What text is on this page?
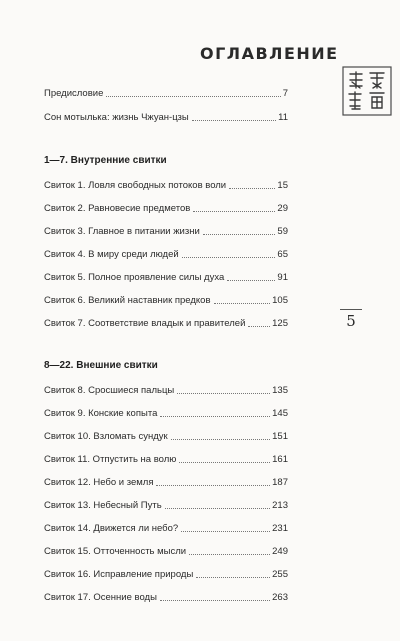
ОГЛАВЛЕНИЕ
Предисловие	7
Сон мотылька: жизнь Чжуан-цзы	11
1—7. Внутренние свитки
Свиток 1. Ловля свободных потоков воли	15
Свиток 2. Равновесие предметов	29
Свиток 3. Главное в питании жизни	59
Свиток 4. В миру среди людей	65
Свиток 5. Полное проявление силы духа	91
Свиток 6. Великий наставник предков	105
Свиток 7. Соответствие владык и правителей	125
8—22. Внешние свитки
Свиток 8. Сросшиеся пальцы	135
Свиток 9. Конские копыта	145
Свиток 10. Взломать сундук	151
Свиток 11. Отпустить на волю	161
Свиток 12. Небо и земля	187
Свиток 13. Небесный Путь	213
Свиток 14. Движется ли небо?	231
Свиток 15. Отточенность мысли	249
Свиток 16. Исправление природы	255
Свиток 17. Осенние воды	263
5
